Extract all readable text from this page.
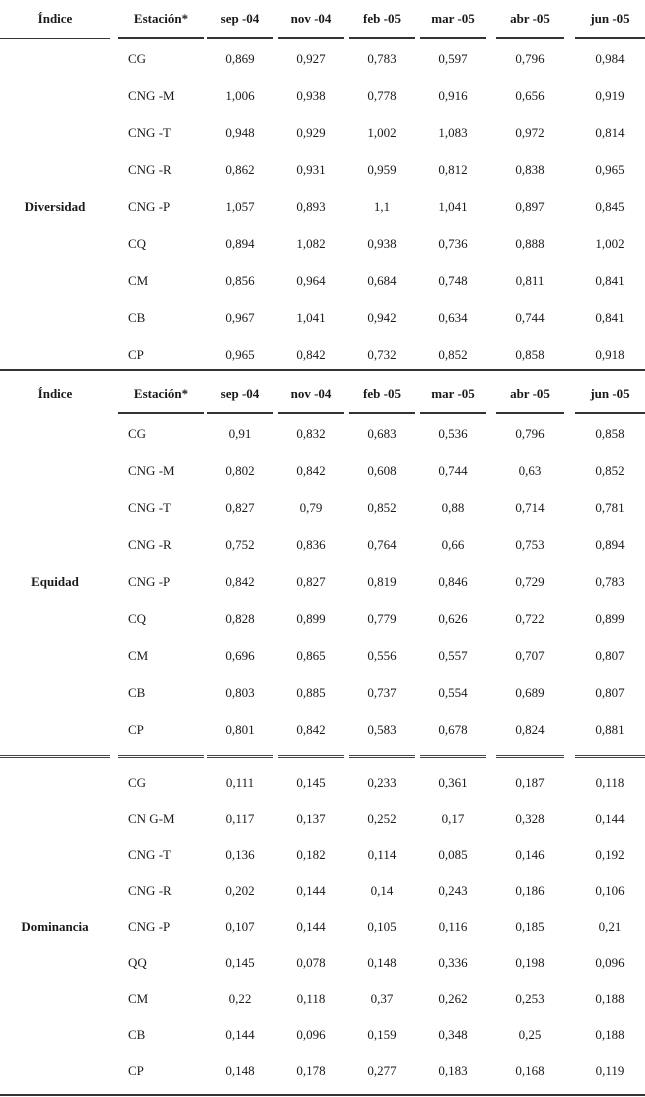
Índice	Estación*	sep -04	nov -04	feb -05	mar -05	abr -05	jun -05
CG	0,869	0,927	0,783	0,597	0,796	0,984
CNG -M	1,006	0,938	0,778	0,916	0,656	0,919
CNG -T	0,948	0,929	1,002	1,083	0,972	0,814
CNG -R	0,862	0,931	0,959	0,812	0,838	0,965
CNG -P	1,057	0,893	1,1	1,041	0,897	0,845
CQ	0,894	1,082	0,938	0,736	0,888	1,002
CM	0,856	0,964	0,684	0,748	0,811	0,841
CB	0,967	1,041	0,942	0,634	0,744	0,841
CP	0,965	0,842	0,732	0,852	0,858	0,918
Diversidad
Índice	Estación*	sep -04	nov -04	feb -05	mar -05	abr -05	jun -05
CG	0,91	0,832	0,683	0,536	0,796	0,858
CNG -M	0,802	0,842	0,608	0,744	0,63	0,852
CNG -T	0,827	0,79	0,852	0,88	0,714	0,781
CNG -R	0,752	0,836	0,764	0,66	0,753	0,894
CNG -P	0,842	0,827	0,819	0,846	0,729	0,783
CQ	0,828	0,899	0,779	0,626	0,722	0,899
CM	0,696	0,865	0,556	0,557	0,707	0,807
CB	0,803	0,885	0,737	0,554	0,689	0,807
CP	0,801	0,842	0,583	0,678	0,824	0,881
Equidad
CG	0,111	0,145	0,233	0,361	0,187	0,118
CN G-M	0,117	0,137	0,252	0,17	0,328	0,144
CNG -T	0,136	0,182	0,114	0,085	0,146	0,192
CNG -R	0,202	0,144	0,14	0,243	0,186	0,106
CNG -P	0,107	0,144	0,105	0,116	0,185	0,21
QQ	0,145	0,078	0,148	0,336	0,198	0,096
CM	0,22	0,118	0,37	0,262	0,253	0,188
CB	0,144	0,096	0,159	0,348	0,25	0,188
CP	0,148	0,178	0,277	0,183	0,168	0,119
Dominancia
